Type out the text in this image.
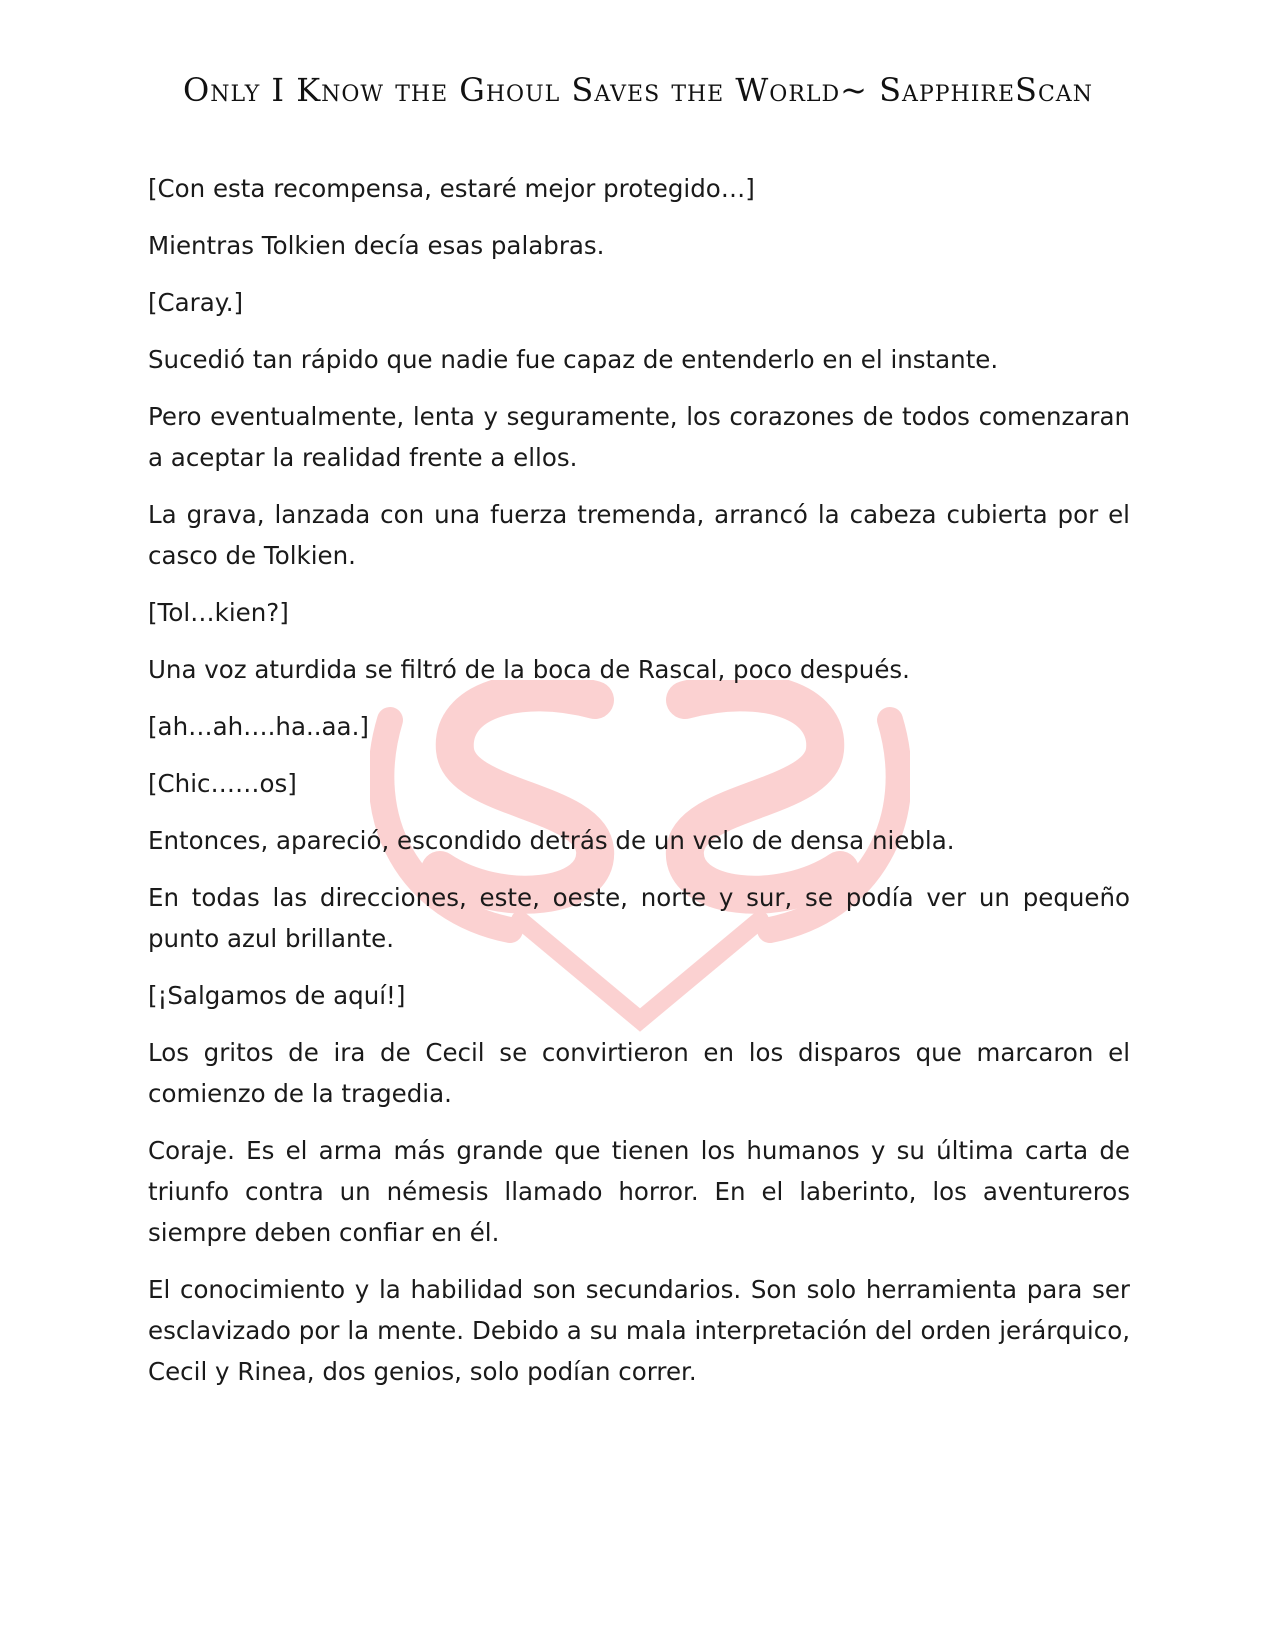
Only I Know the Ghoul Saves the World~ SapphireScan

[Con esta recompensa, estaré mejor protegido…]

Mientras Tolkien decía esas palabras.

[Caray.]

Sucedió tan rápido que nadie fue capaz de entenderlo en el instante.

Pero eventualmente, lenta y seguramente, los corazones de todos comenzaran a aceptar la realidad frente a ellos.

La grava, lanzada con una fuerza tremenda, arrancó la cabeza cubierta por el casco de Tolkien.

[Tol…kien?]

Una voz aturdida se filtró de la boca de Rascal, poco después.

[ah…ah….ha..aa.]

[Chic……os]

Entonces, apareció, escondido detrás de un velo de densa niebla.

En todas las direcciones, este, oeste, norte y sur, se podía ver un pequeño punto azul brillante.

[¡Salgamos de aquí!]

Los gritos de ira de Cecil se convirtieron en los disparos que marcaron el comienzo de la tragedia.

Coraje. Es el arma más grande que tienen los humanos y su última carta de triunfo contra un némesis llamado horror. En el laberinto, los aventureros siempre deben confiar en él.

El conocimiento y la habilidad son secundarios. Son solo herramienta para ser esclavizado por la mente. Debido a su mala interpretación del orden jerárquico, Cecil y Rinea, dos genios, solo podían correr.
